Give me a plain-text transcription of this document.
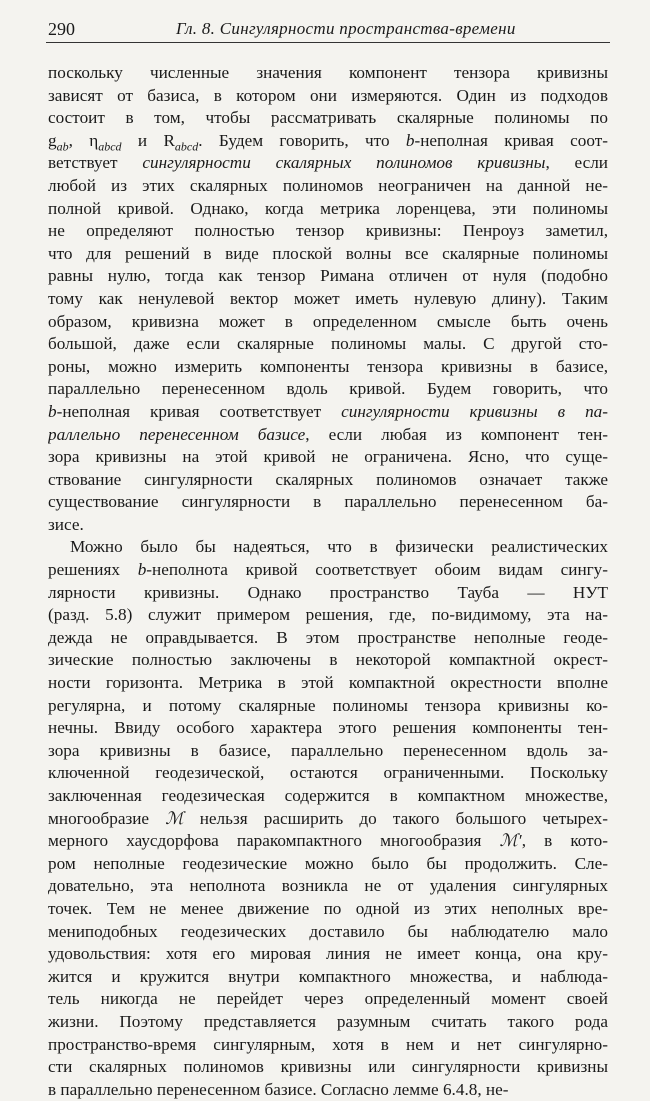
290	Гл. 8. Сингулярности пространства-времени
поскольку численные значения компонент тензора кривизны
зависят от базиса, в котором они измеряются. Один из подходов
состоит в том, чтобы рассматривать скалярные полиномы по
$g_{ab}$, $\eta_{abcd}$ и $R_{abcd}$. Будем говорить, что b-неполная кривая соот-
ветствует сингулярности скалярных полиномов кривизны, если
любой из этих скалярных полиномов неограничен на данной не-
полной кривой. Однако, когда метрика лоренцева, эти полиномы
не определяют полностью тензор кривизны: Пенроуз заметил,
что для решений в виде плоской волны все скалярные полиномы
равны нулю, тогда как тензор Римана отличен от нуля (подобно
тому как ненулевой вектор может иметь нулевую длину). Таким
образом, кривизна может в определенном смысле быть очень
большой, даже если скалярные полиномы малы. С другой сто-
роны, можно измерить компоненты тензора кривизны в базисе,
параллельно перенесенном вдоль кривой. Будем говорить, что
b-неполная кривая соответствует сингулярности кривизны в па-
раллельно перенесенном базисе, если любая из компонент тен-
зора кривизны на этой кривой не ограничена. Ясно, что суще-
ствование сингулярности скалярных полиномов означает также
существование сингулярности в параллельно перенесенном ба-
зисе.
Можно было бы надеяться, что в физически реалистических
решениях b-неполнота кривой соответствует обоим видам сингу-
лярности кривизны. Однако пространство Тауба — НУТ
(разд. 5.8) служит примером решения, где, по-видимому, эта на-
дежда не оправдывается. В этом пространстве неполные геоде-
зические полностью заключены в некоторой компактной окрест-
ности горизонта. Метрика в этой компактной окрестности вполне
регулярна, и потому скалярные полиномы тензора кривизны ко-
нечны. Ввиду особого характера этого решения компоненты тен-
зора кривизны в базисе, параллельно перенесенном вдоль за-
ключенной геодезической, остаются ограниченными. Поскольку
заключенная геодезическая содержится в компактном множестве,
многообразие ℳ нельзя расширить до такого большого четырех-
мерного хаусдорфова паракомпактного многообразия ℳ′, в котo-
ром неполные геодезические можно было бы продолжить. Сле-
довательно, эта неполнота возникла не от удаления сингулярных
точек. Тем не менее движение по одной из этих неполных вре-
мениподобных геодезических доставило бы наблюдателю мало
удовольствия: хотя его мировая линия не имеет конца, она кру-
жится и кружится внутри компактного множества, и наблюда-
тель никогда не перейдет через определенный момент своей
жизни. Поэтому представляется разумным считать такого рода
пространство-время сингулярным, хотя в нем и нет сингулярно-
сти скалярных полиномов кривизны или сингулярности кривизны
в параллельно перенесенном базисе. Согласно лемме 6.4.8, не-
